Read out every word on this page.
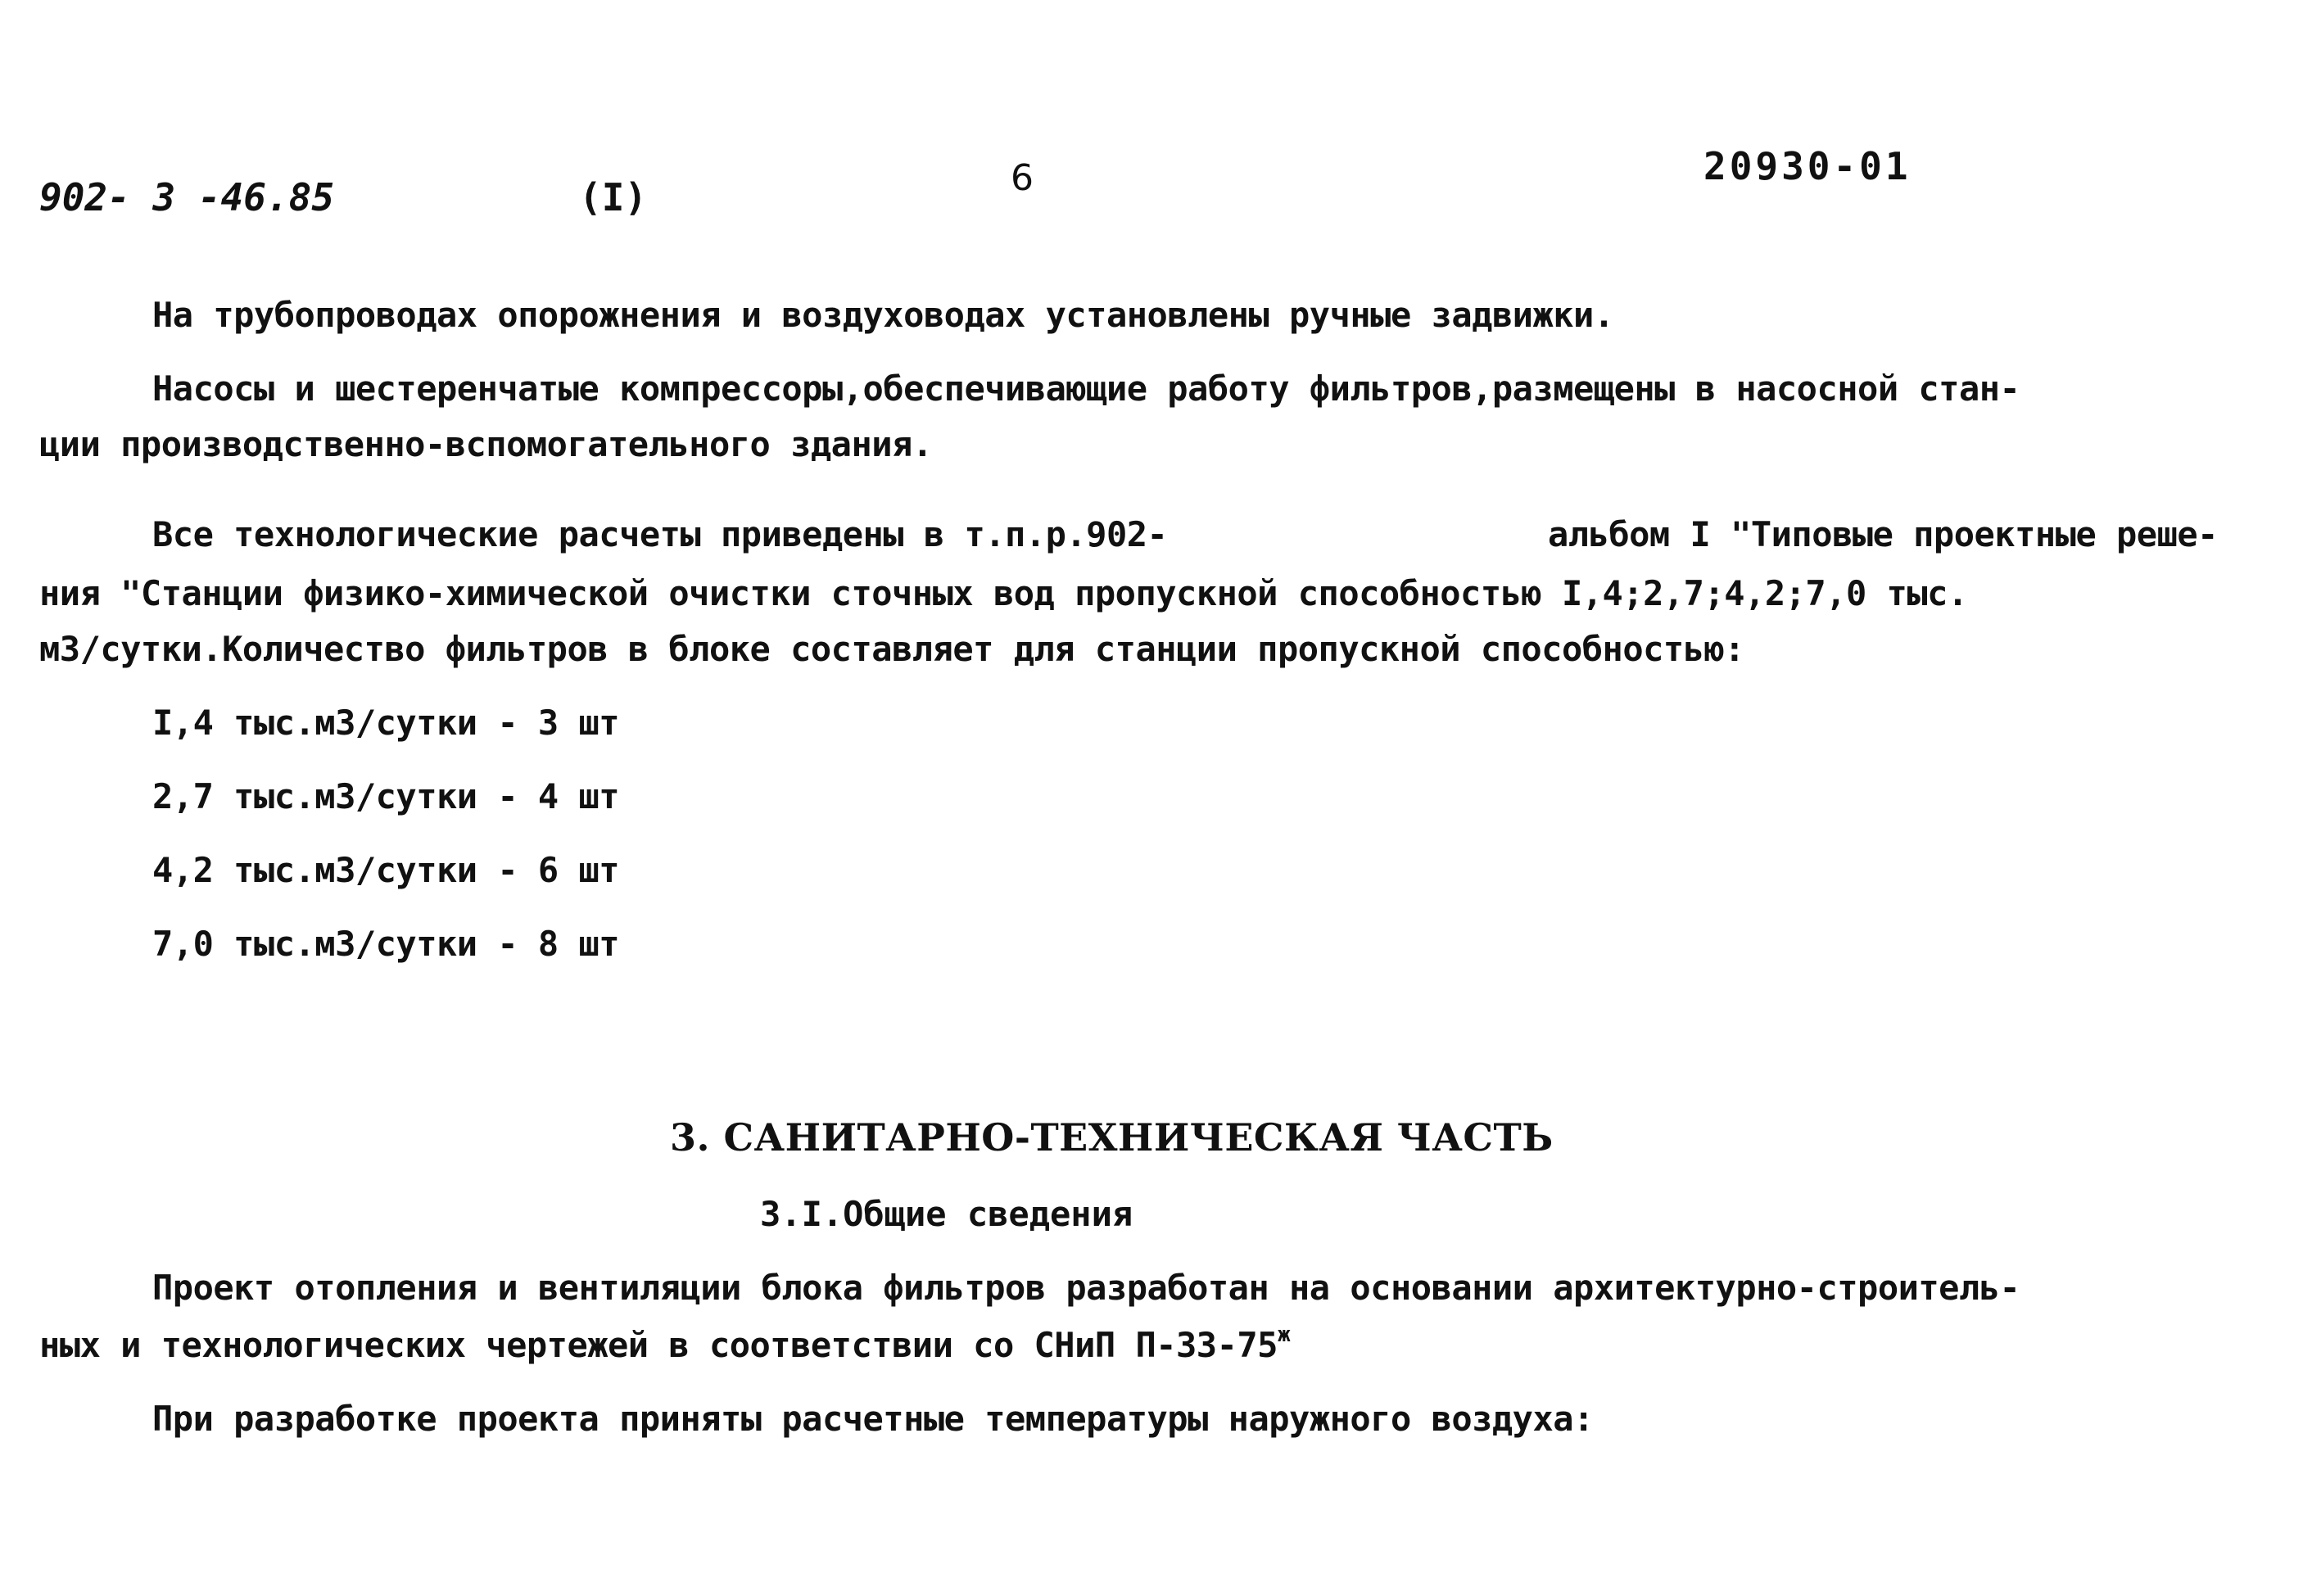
902- 3 -46.85	(I)	6	20930-01
На трубопроводах опорожнения и воздуховодах установлены ручные задвижки.
Насосы и шестеренчатые компрессоры,обеспечивающие работу фильтров,размещены в насосной стан-
ции производственно-вспомогательного здания.
Все технологические расчеты приведены в т.п.р.902-	альбом I "Типовые проектные реше-
ния "Станции физико-химической очистки сточных вод пропускной способностью I,4;2,7;4,2;7,0 тыс.
м3/сутки.Количество фильтров в блоке составляет для станции пропускной способностью:
I,4 тыс.м3/сутки - 3 шт
2,7 тыс.м3/сутки - 4 шт
4,2 тыс.м3/сутки - 6 шт
7,0 тыс.м3/сутки - 8 шт
3. САНИТАРНО-ТЕХНИЧЕСКАЯ ЧАСТЬ
3.I.Общие сведения
Проект отопления и вентиляции блока фильтров разработан на основании архитектурно-строитель-
ных и технологических чертежей в соответствии со СНиП $П-33-75^ж$
При разработке проекта приняты расчетные температуры наружного воздуха:
